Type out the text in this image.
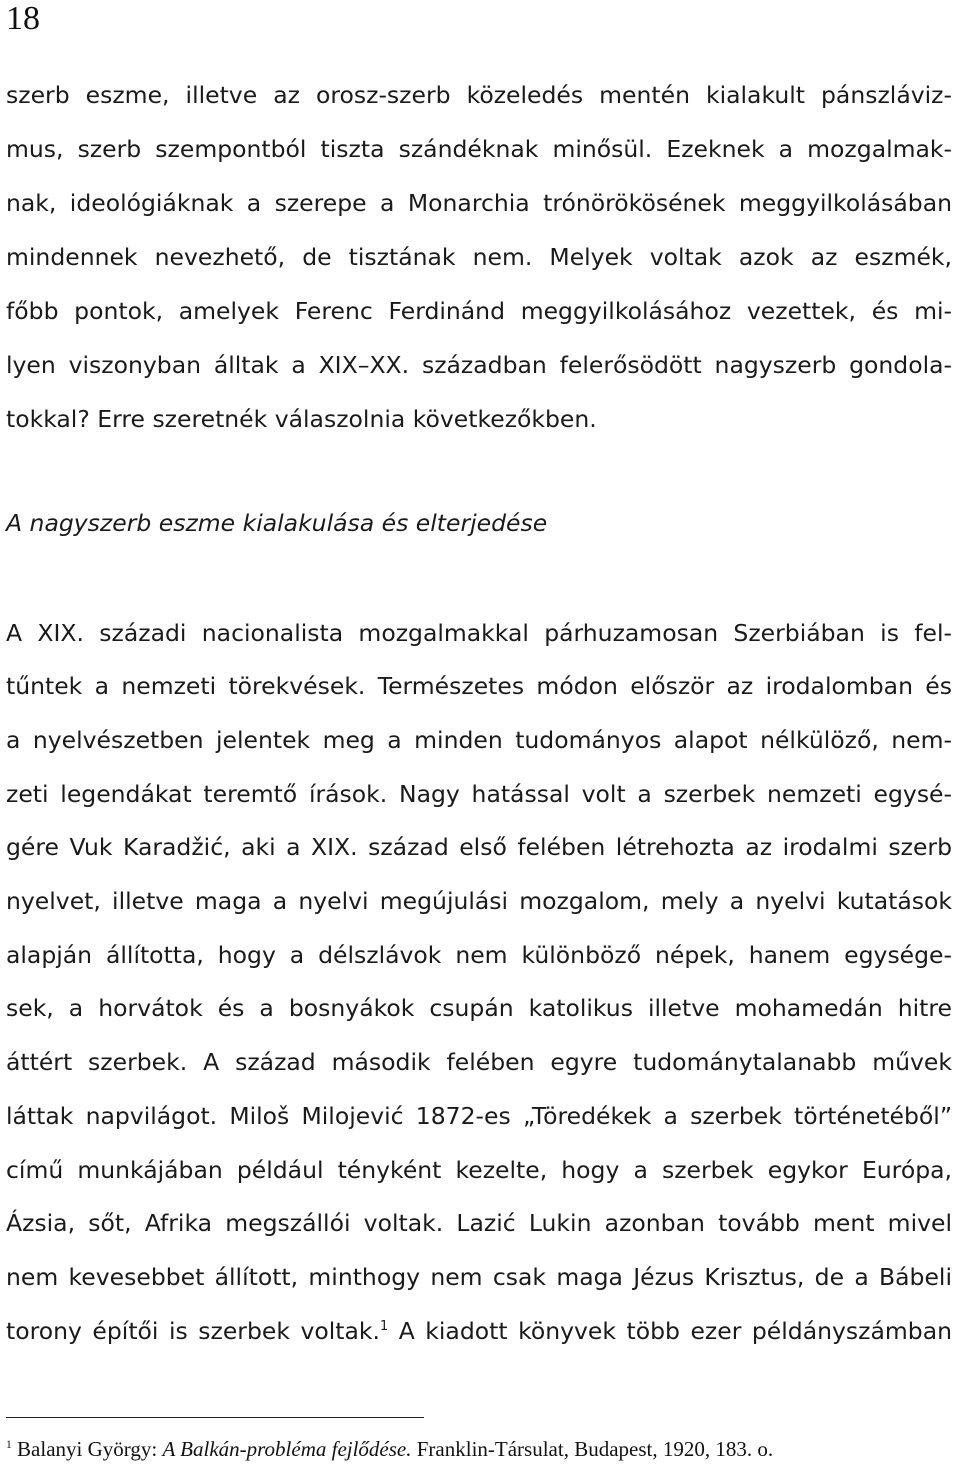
18
szerb eszme, illetve az orosz-szerb közeledés mentén kialakult pánszláviz-
mus, szerb szempontból tiszta szándéknak minősül. Ezeknek a mozgalmak-
nak, ideológiáknak a szerepe a Monarchia trónörökösének meggyilkolásában
mindennek nevezhető, de tisztának nem. Melyek voltak azok az eszmék,
főbb pontok, amelyek Ferenc Ferdinánd meggyilkolásához vezettek, és mi-
lyen viszonyban álltak a XIX–XX. században felerősödött nagyszerb gondola-
tokkal? Erre szeretnék válaszolnia következőkben.
A nagyszerb eszme kialakulása és elterjedése
A XIX. századi nacionalista mozgalmakkal párhuzamosan Szerbiában is fel-
tűntek a nemzeti törekvések. Természetes módon először az irodalomban és
a nyelvészetben jelentek meg a minden tudományos alapot nélkülöző, nem-
zeti legendákat teremtő írások. Nagy hatással volt a szerbek nemzeti egysé-
gére Vuk Karadžić, aki a XIX. század első felében létrehozta az irodalmi szerb
nyelvet, illetve maga a nyelvi megújulási mozgalom, mely a nyelvi kutatások
alapján állította, hogy a délszlávok nem különböző népek, hanem egysége-
sek, a horvátok és a bosnyákok csupán katolikus illetve mohamedán hitre
áttért szerbek. A század második felében egyre tudománytalanabb művek
láttak napvilágot. Miloš Milojević 1872-es „Töredékek a szerbek történetéből”
című munkájában például tényként kezelte, hogy a szerbek egykor Európa,
Ázsia, sőt, Afrika megszállói voltak. Lazić Lukin azonban tovább ment mivel
nem kevesebbet állított, minthogy nem csak maga Jézus Krisztus, de a Bábeli
torony építői is szerbek voltak.$^1$ A kiadott könyvek több ezer példányszámban
$^1$ Balanyi György: A Balkán-probléma fejlődése. Franklin-Társulat, Budapest, 1920, 183. o.
